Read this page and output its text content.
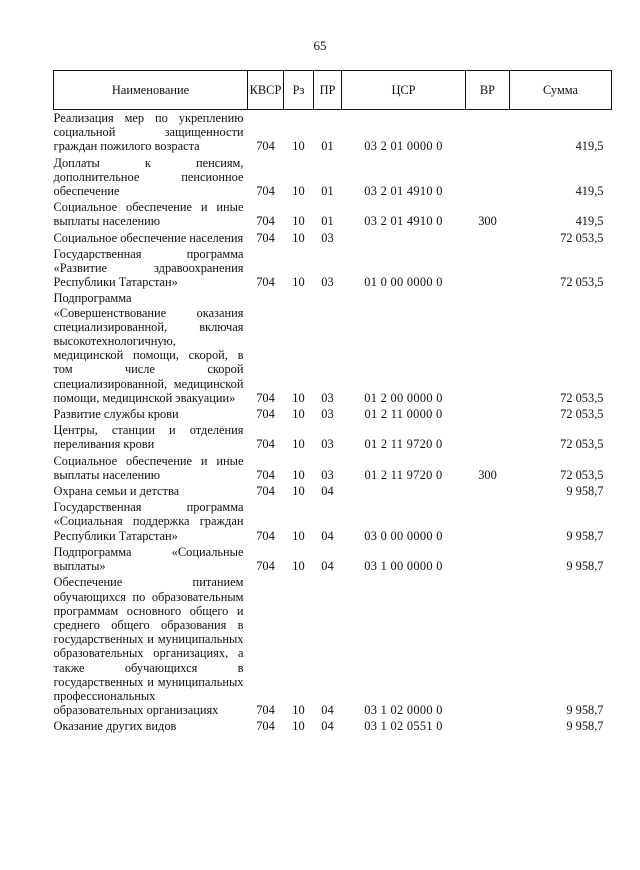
65
Наименование	КВСР	Рз	ПР	ЦСР	ВР	Сумма

Реализация мер по укреплению социальной защищенности граждан пожилого возраста	704	10	01	03 2 01 0000 0		419,5

Доплаты к пенсиям, дополнительное пенсионное обеспечение	704	10	01	03 2 01 4910 0		419,5

Социальное обеспечение и иные выплаты населению	704	10	01	03 2 01 4910 0	300	419,5

Социальное обеспечение населения	704	10	03			72 053,5

Государственная программа «Развитие здравоохранения Республики Татарстан»	704	10	03	01 0 00 0000 0		72 053,5

Подпрограмма «Совершенствование оказания специализированной, включая высокотехнологичную, медицинской помощи, скорой, в том числе скорой специализированной, медицинской помощи, медицинской эвакуации»	704	10	03	01 2 00 0000 0		72 053,5

Развитие службы крови	704	10	03	01 2 11 0000 0		72 053,5

Центры, станции и отделения переливания крови	704	10	03	01 2 11 9720 0		72 053,5

Социальное обеспечение и иные выплаты населению	704	10	03	01 2 11 9720 0	300	72 053,5

Охрана семьи и детства	704	10	04			9 958,7

Государственная программа «Социальная поддержка граждан Республики Татарстан»	704	10	04	03 0 00 0000 0		9 958,7

Подпрограмма «Социальные выплаты»	704	10	04	03 1 00 0000 0		9 958,7

Обеспечение питанием обучающихся по образовательным программам основного общего и среднего общего образования в государственных и муниципальных образовательных организациях, а также обучающихся в государственных и муниципальных профессиональных образовательных организациях	704	10	04	03 1 02 0000 0		9 958,7

Оказание других видов	704	10	04	03 1 02 0551 0		9 958,7
